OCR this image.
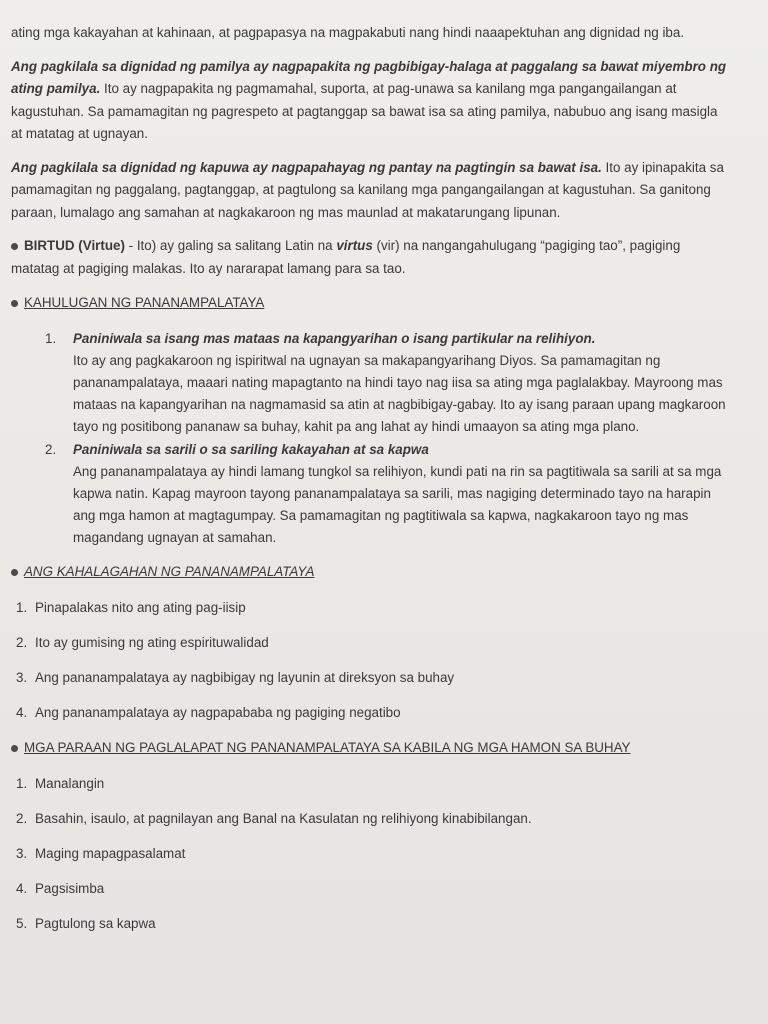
ating mga kakayahan at kahinaan, at pagpapasya na magpakabuti nang hindi naaapektuhan ang dignidad ng iba.

Ang pagkilala sa dignidad ng pamilya ay nagpapakita ng pagbibigay-halaga at paggalang sa bawat miyembro ng ating pamilya. Ito ay nagpapakita ng pagmamahal, suporta, at pag-unawa sa kanilang mga pangangailangan at kagustuhan. Sa pamamagitan ng pagrespeto at pagtanggap sa bawat isa sa ating pamilya, nabubuo ang isang masigla at matatag at ugnayan.

Ang pagkilala sa dignidad ng kapuwa ay nagpapahayag ng pantay na pagtingin sa bawat isa. Ito ay ipinapakita sa pamamagitan ng paggalang, pagtanggap, at pagtulong sa kanilang mga pangangailangan at kagustuhan. Sa ganitong paraan, lumalago ang samahan at nagkakaroon ng mas maunlad at makatarungang lipunan.

BIRTUD (Virtue) - Ito) ay galing sa salitang Latin na virtus (vir) na nangangahulugang “pagiging tao”, pagiging matatag at pagiging malakas. Ito ay nararapat lamang para sa tao.

KAHULUGAN NG PANANAMPALATAYA

1. Paniniwala sa isang mas mataas na kapangyarihan o isang partikular na relihiyon.
Ito ay ang pagkakaroon ng ispiritwal na ugnayan sa makapangyarihang Diyos. Sa pamamagitan ng pananampalataya, maaari nating mapagtanto na hindi tayo nag iisa sa ating mga paglalakbay. Mayroong mas mataas na kapangyarihan na nagmamasid sa atin at nagbibigay-gabay. Ito ay isang paraan upang magkaroon tayo ng positibong pananaw sa buhay, kahit pa ang lahat ay hindi umaayon sa ating mga plano.
2. Paniniwala sa sarili o sa sariling kakayahan at sa kapwa
Ang pananampalataya ay hindi lamang tungkol sa relihiyon, kundi pati na rin sa pagtitiwala sa sarili at sa mga kapwa natin. Kapag mayroon tayong pananampalataya sa sarili, mas nagiging determinado tayo na harapin ang mga hamon at magtagumpay. Sa pamamagitan ng pagtitiwala sa kapwa, nagkakaroon tayo ng mas magandang ugnayan at samahan.

ANG KAHALAGAHAN NG PANANAMPALATAYA

1. Pinapalakas nito ang ating pag-iisip
2. Ito ay gumising ng ating espirituwalidad
3. Ang pananampalataya ay nagbibigay ng layunin at direksyon sa buhay
4. Ang pananampalataya ay nagpapababa ng pagiging negatibo

MGA PARAAN NG PAGLALAPAT NG PANANAMPALATAYA SA KABILA NG MGA HAMON SA BUHAY

1. Manalangin
2. Basahin, isaulo, at pagnilayan ang Banal na Kasulatan ng relihiyong kinabibilangan.
3. Maging mapagpasalamat
4. Pagsisimba
5. Pagtulong sa kapwa
